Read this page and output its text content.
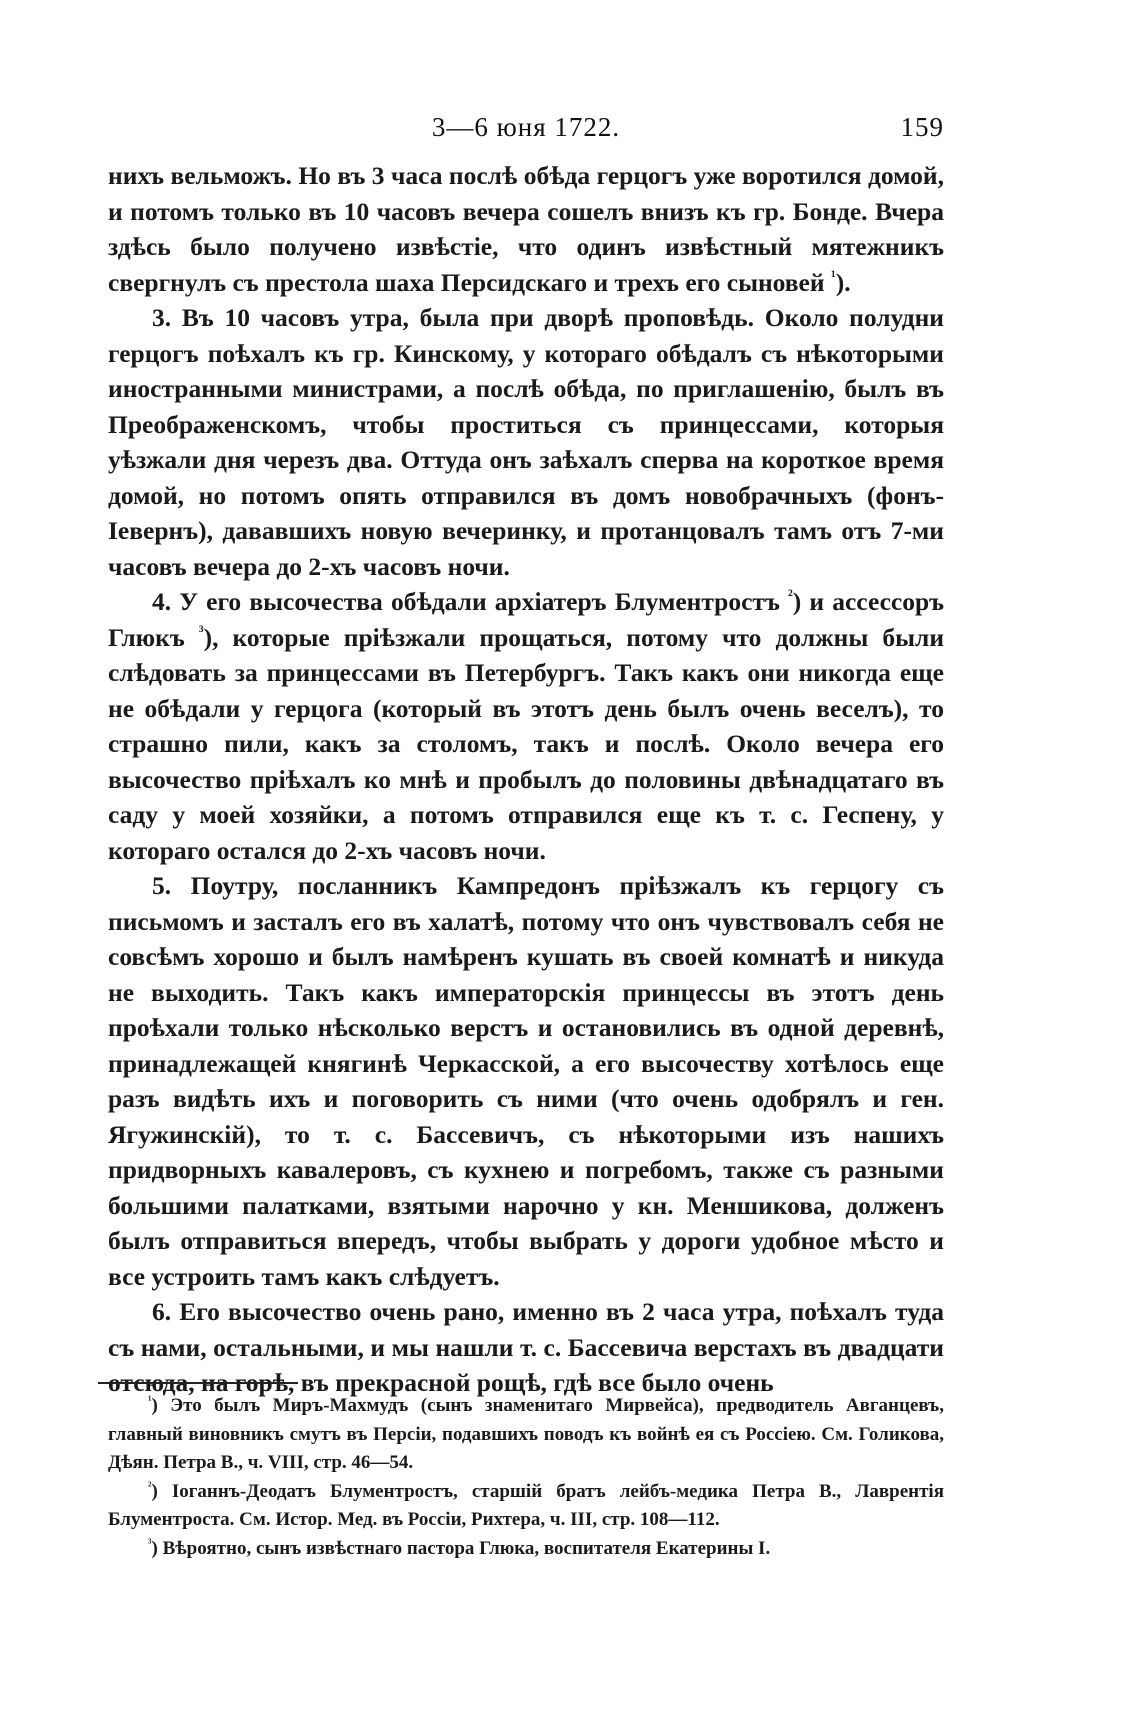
3—6 юня 1722.	159

нихъ вельможъ. Но въ 3 часа послѣ обѣда герцогъ уже воротился домой, и потомъ только въ 10 часовъ вечера сошелъ внизъ къ гр. Бонде. Вчера здѣсь было получено извѣстіе, что одинъ извѣстный мятежникъ свергнулъ съ престола шаха Персидскаго и трехъ его сыновей $^{^1}$).

3. Въ 10 часовъ утра, была при дворѣ проповѣдь. Около полудни герцогъ поѣхалъ къ гр. Кинскому, у котораго обѣдалъ съ нѣкоторыми иностранными министрами, а послѣ обѣда, по приглашенію, былъ въ Преображенскомъ, чтобы проститься съ принцессами, которыя уѣзжали дня черезъ два. Оттуда онъ заѣхалъ сперва на короткое время домой, но потомъ опять отправился въ домъ новобрачныхъ (фонъ-Іевернъ), дававшихъ новую вечеринку, и протанцовалъ тамъ отъ 7-ми часовъ вечера до 2-хъ часовъ ночи.

4. У его высочества обѣдали архіатеръ Блументростъ $^{^2}$) и ассессоръ Глюкъ $^{^3}$), которые пріѣзжали прощаться, потому что должны были слѣдовать за принцессами въ Петербургъ. Такъ какъ они никогда еще не обѣдали у герцога (который въ этотъ день былъ очень веселъ), то страшно пили, какъ за столомъ, такъ и послѣ. Около вечера его высочество пріѣхалъ ко мнѣ и пробылъ до половины двѣнадцатаго въ саду у моей хозяйки, а потомъ отправился еще къ т. с. Геспену, у котораго остался до 2-хъ часовъ ночи.

5. Поутру, посланникъ Кампредонъ пріѣзжалъ къ герцогу съ письмомъ и засталъ его въ халатѣ, потому что онъ чувствовалъ себя не совсѣмъ хорошо и былъ намѣренъ кушать въ своей комнатѣ и никуда не выходить. Такъ какъ императорскія принцессы въ этотъ день проѣхали только нѣсколько верстъ и остановились въ одной деревнѣ, принадлежащей княгинѣ Черкасской, а его высочеству хотѣлось еще разъ видѣть ихъ и поговорить съ ними (что очень одобрялъ и ген. Ягужинскій), то т. с. Бассевичъ, съ нѣкоторыми изъ нашихъ придворныхъ кавалеровъ, съ кухнею и погребомъ, также съ разными большими палатками, взятыми нарочно у кн. Меншикова, долженъ былъ отправиться впередъ, чтобы выбрать у дороги удобное мѣсто и все устроить тамъ какъ слѣдуетъ.

6. Его высочество очень рано, именно въ 2 часа утра, поѣхалъ туда съ нами, остальными, и мы нашли т. с. Бассевича верстахъ въ двадцати отсюда, на горѣ, въ прекрасной рощѣ, гдѣ все было очень

$^{^1}$) Это былъ Миръ-Махмудъ (сынъ знаменитаго Мирвейса), предводитель Авганцевъ, главный виновникъ смутъ въ Персіи, подавшихъ поводъ къ войнѣ ея съ Россіею. См. Голикова, Дѣян. Петра В., ч. VIII, стр. 46—54.

$^{^2}$) Іоганнъ-Деодатъ Блументростъ, старшій братъ лейбъ-медика Петра В., Лаврентія Блументроста. См. Истор. Мед. въ Россіи, Рихтера, ч. III, стр. 108—112.

$^{^3}$) Вѣроятно, сынъ извѣстнаго пастора Глюка, воспитателя Екатерины I.
